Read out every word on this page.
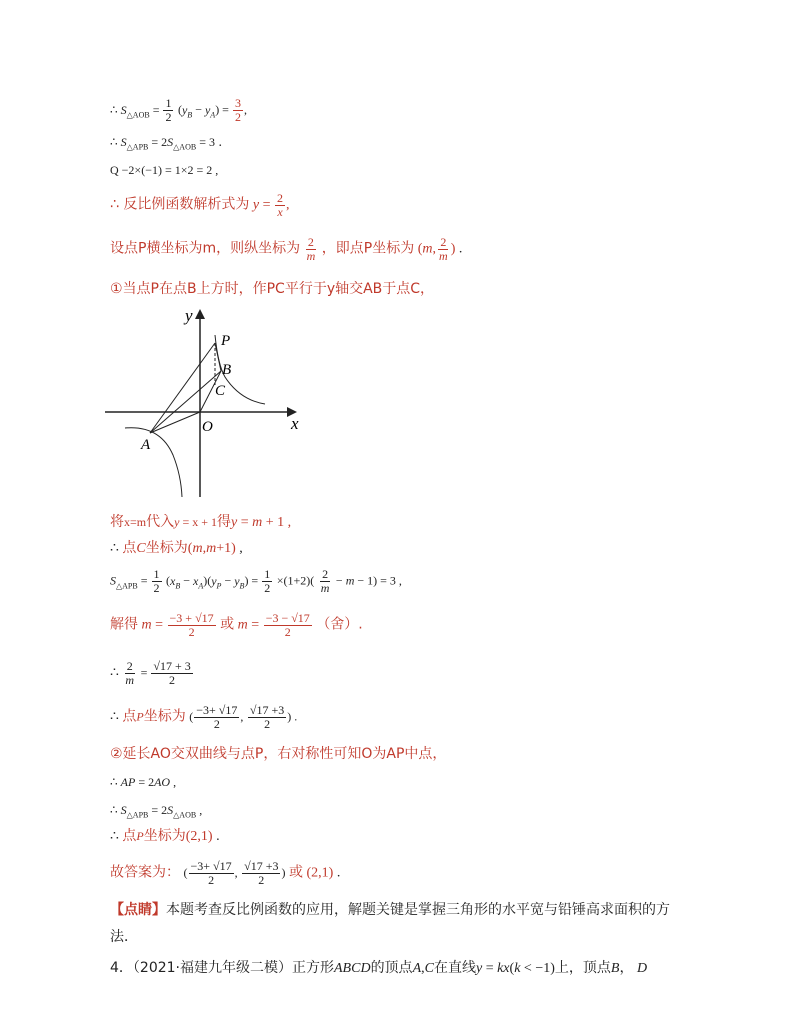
∴ $S_{\triangle AOB} = \frac{1}{2} (y_B - y_A) = \frac{3}{2}$ ,
∴ $S_{\triangle APB} = 2S_{\triangle AOB} = 3$ .
Q −2×(−1) = 1×2 = 2 ,
∴ 反比例函数解析式为 $y = \frac{2}{x}$ ,
设点P横坐标为m，则纵坐标为 $\frac{2}{m}$ ，即点P坐标为 (m, $\frac{2}{m}$ ) .
①当点P在点B上方时，作PC平行于y轴交AB于点C，
y
x
P
B
C
O
A
将x=m代入y = x + 1得y = m + 1 ,
∴ 点C坐标为(m,m+1) ,
$S_{\triangle APB} = \frac{1}{2} (x_B - x_A)(y_P - y_B) = \frac{1}{2} \times(1+2)( \frac{2}{m} - m - 1) = 3$ ,
解得 $m = \frac{-3 + √17}{2}$ 或 $m = \frac{-3 - √17}{2}$ （舍）.
∴ $\frac{2}{m} = \frac{√17 + 3}{2}$
∴ 点P坐标为 ( $\frac{-3+ √17}{2}$ , $\frac{√17 +3}{2}$ ) .
②延长AO交双曲线与点P，右对称性可知O为AP中点，
∴ AP = 2AO ,
∴ $S_{\triangle APB} = 2S_{\triangle AOB}$ ,
∴ 点P坐标为(2,1) .
故答案为： ( $\frac{-3+ √17}{2}$ , $\frac{√17 +3}{2}$ ) 或 (2,1) .
【点睛】本题考查反比例函数的应用，解题关键是掌握三角形的水平宽与铅锤高求面积的方
法．
4．（2021·福建九年级二模）正方形ABCD的顶点A,C在直线y = kx(k < −1)上，顶点B， D
